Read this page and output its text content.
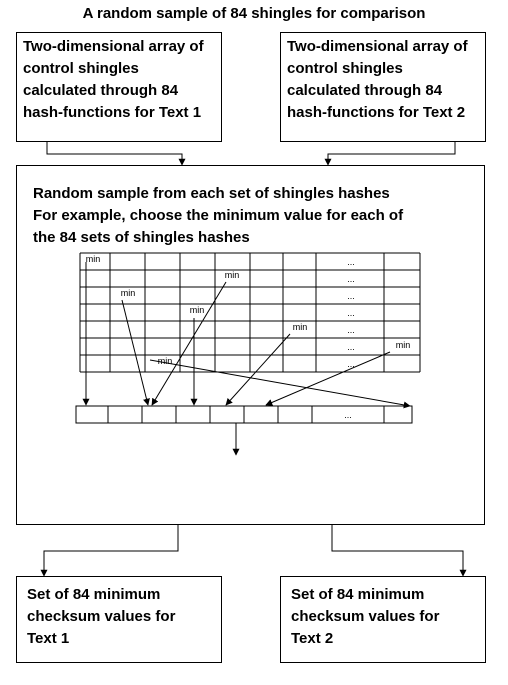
A random sample of 84 shingles for comparison
Two-dimensional array of
control shingles
calculated through 84
hash-functions for Text 1
Two-dimensional array of
control shingles
calculated through 84
hash-functions for Text 2
Random sample from each set of shingles hashes
For example, choose the minimum value for each of
the 84 sets of shingles hashes
Set of 84 minimum
checksum values for
Text 1
Set of 84 minimum
checksum values for
Text 2
...
...
...
...
...
...
...
min
min
min
min
min
min
min
...
